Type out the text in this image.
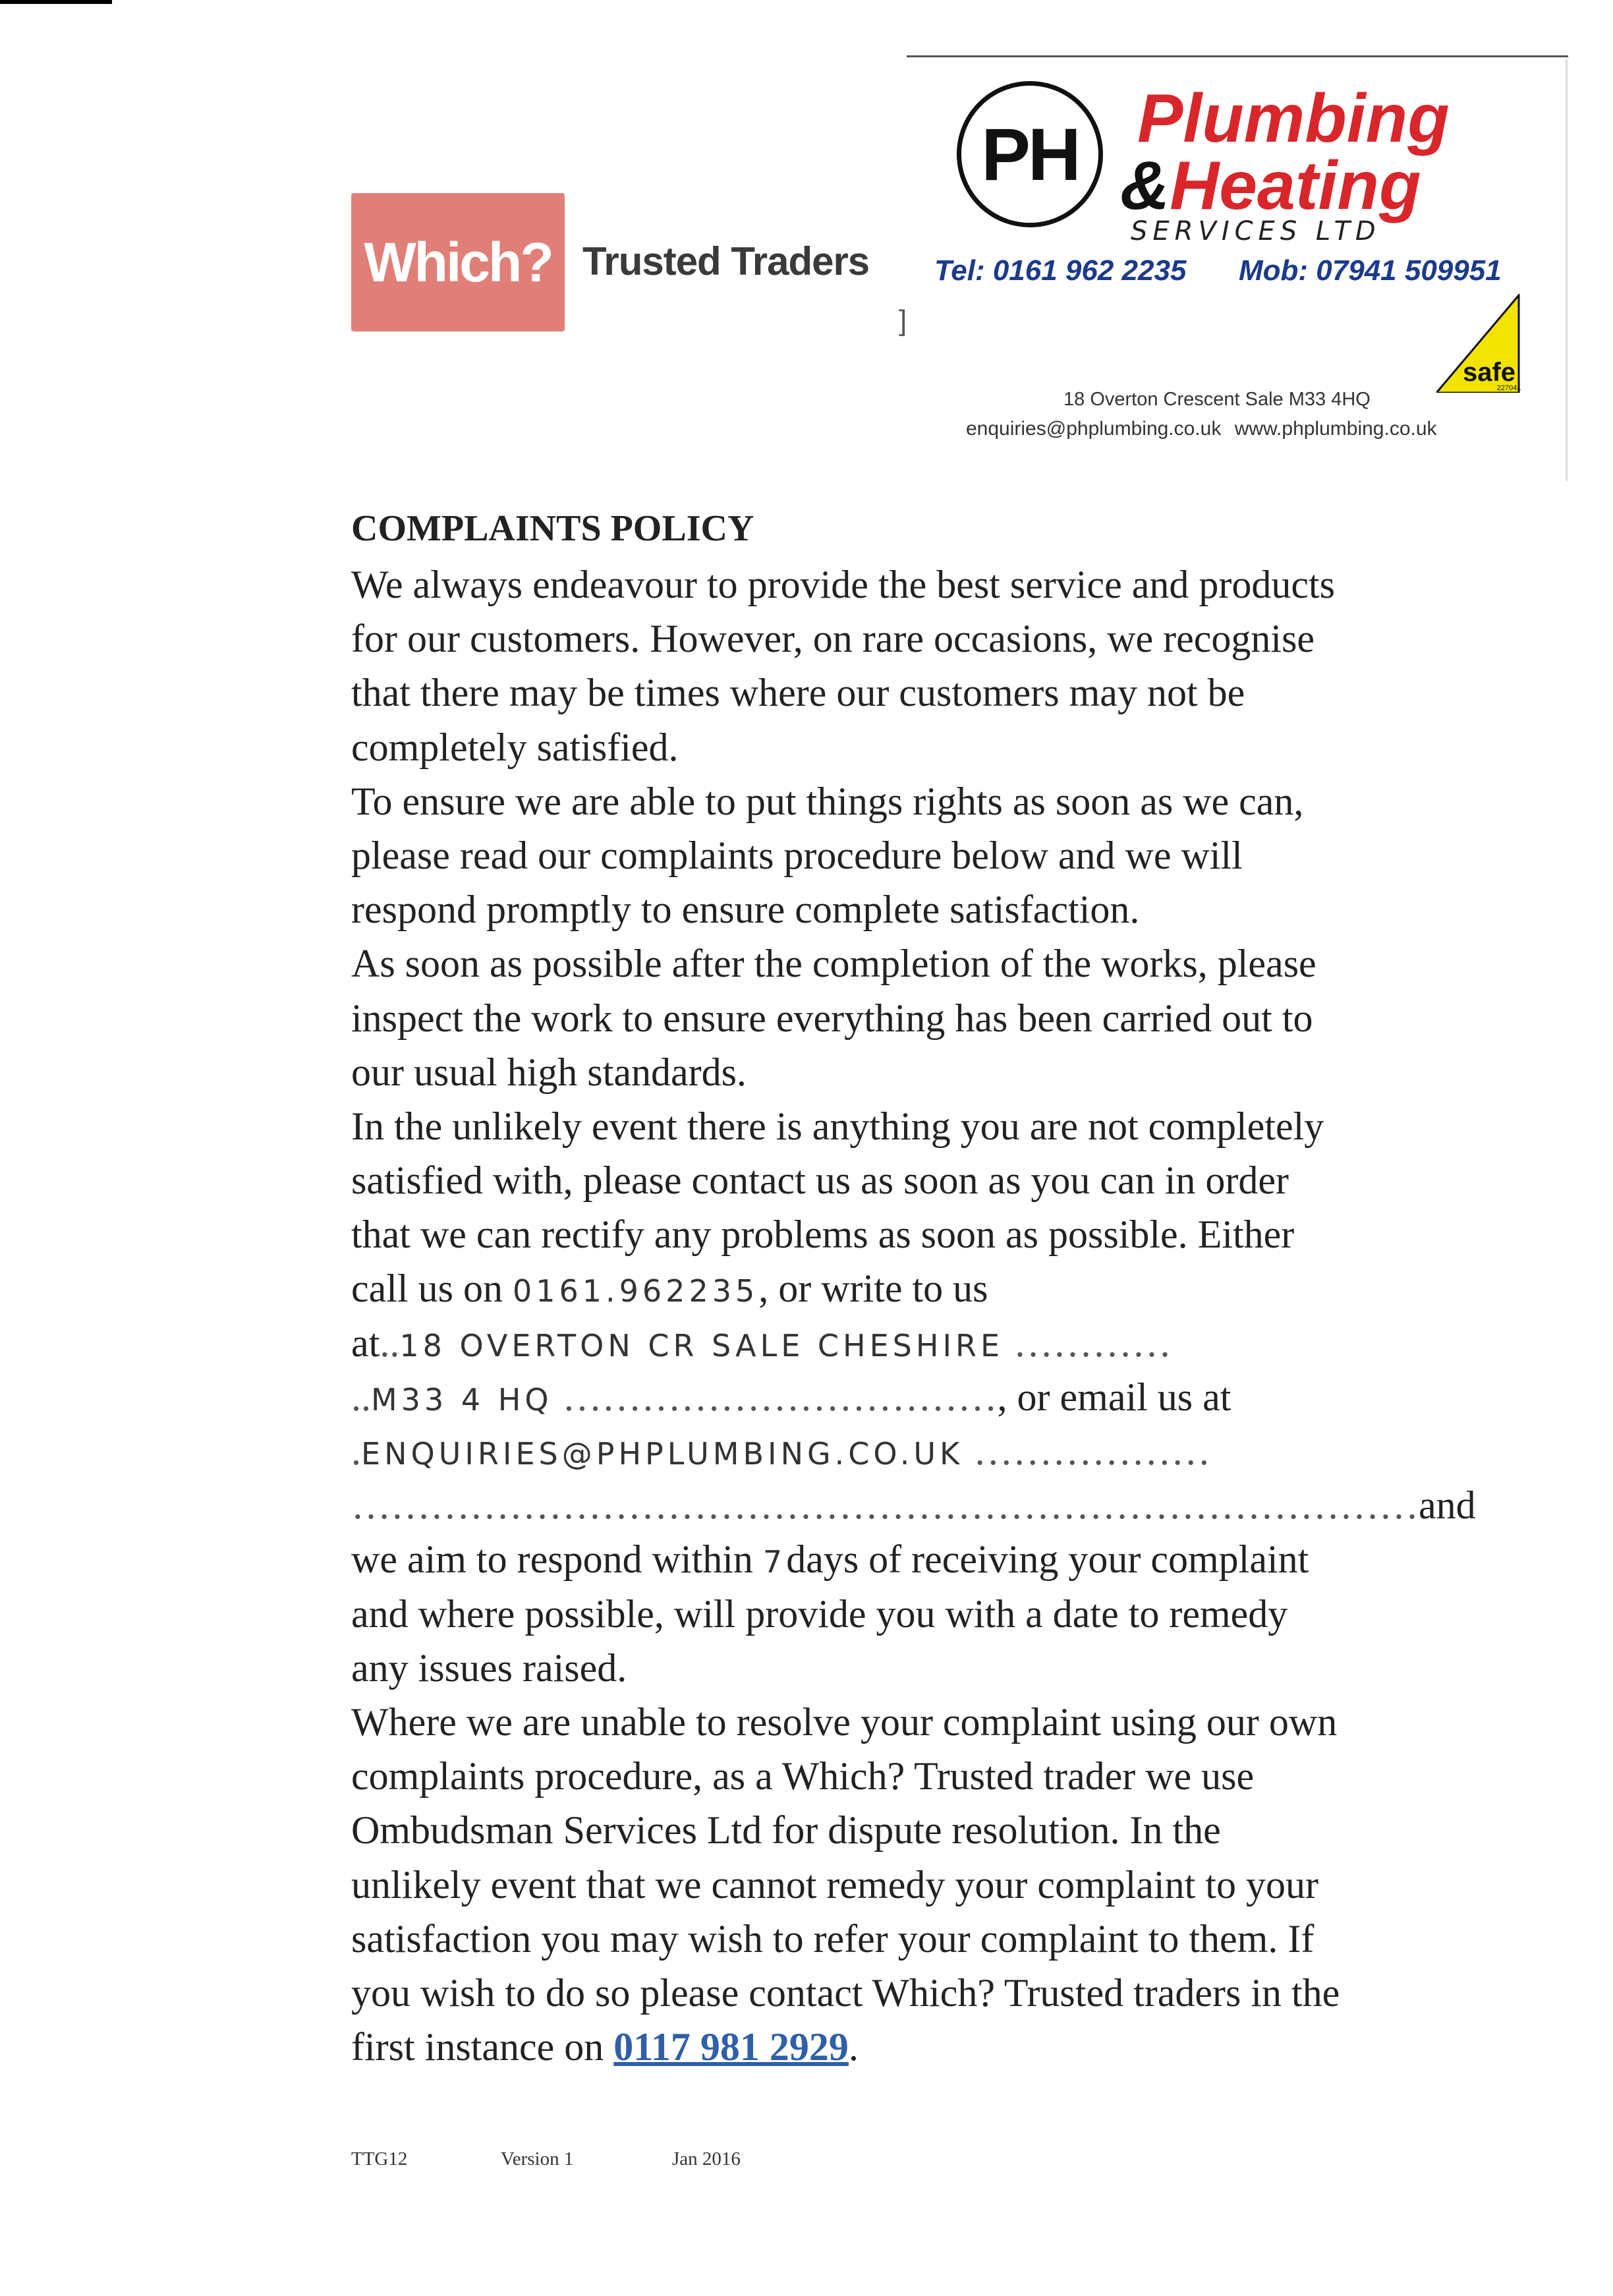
Which? Trusted Traders
]
PH Plumbing
&Heating
SERVICES LTD
Tel: 0161 962 2235 Mob: 07941 509951
safe
227041
18 Overton Crescent Sale M33 4HQ
enquiries@phplumbing.co.uk www.phplumbing.co.uk
COMPLAINTS POLICY
We always endeavour to provide the best service and products
for our customers. However, on rare occasions, we recognise
that there may be times where our customers may not be
completely satisfied.
To ensure we are able to put things rights as soon as we can,
please read our complaints procedure below and we will
respond promptly to ensure complete satisfaction.
As soon as possible after the completion of the works, please
inspect the work to ensure everything has been carried out to
our usual high standards.
In the unlikely event there is anything you are not completely
satisfied with, please contact us as soon as you can in order
that we can rectify any problems as soon as possible. Either
call us on 0161.962235, or write to us
at..18 OVERTON CR SALE CHESHIRE …………
..M33 4 HQ ……………………………, or email us at
.ENQUIRIES@PHPLUMBING.CO.UK ………………
………………………………………………………………………and
we aim to respond within 7days of receiving your complaint
and where possible, will provide you with a date to remedy
any issues raised.
Where we are unable to resolve your complaint using our own
complaints procedure, as a Which? Trusted trader we use
Ombudsman Services Ltd for dispute resolution. In the
unlikely event that we cannot remedy your complaint to your
satisfaction you may wish to refer your complaint to them. If
you wish to do so please contact Which? Trusted traders in the
first instance on 0117 981 2929.
TTG12	Version 1	Jan 2016
